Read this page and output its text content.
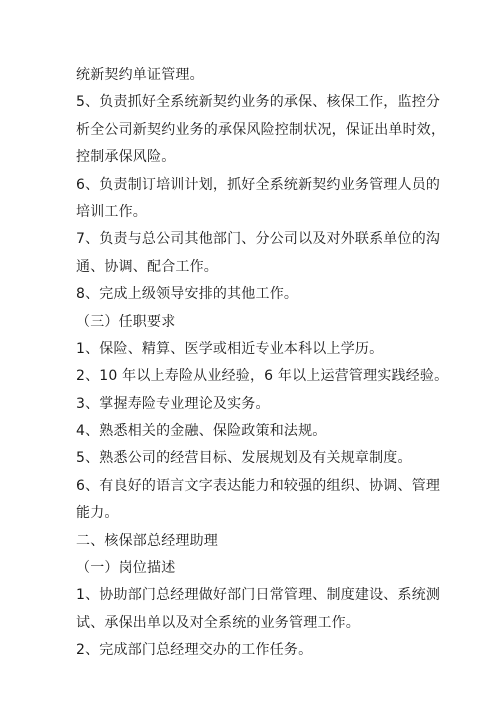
统新契约单证管理。
5、负责抓好全系统新契约业务的承保、核保工作，监控分
析全公司新契约业务的承保风险控制状况，保证出单时效，
控制承保风险。
6、负责制订培训计划，抓好全系统新契约业务管理人员的
培训工作。
7、负责与总公司其他部门、分公司以及对外联系单位的沟
通、协调、配合工作。
8、完成上级领导安排的其他工作。
（三）任职要求
1、保险、精算、医学或相近专业本科以上学历。
2、10 年以上寿险从业经验，6 年以上运营管理实践经验。
3、掌握寿险专业理论及实务。
4、熟悉相关的金融、保险政策和法规。
5、熟悉公司的经营目标、发展规划及有关规章制度。
6、有良好的语言文字表达能力和较强的组织、协调、管理
能力。
二、核保部总经理助理
（一）岗位描述
1、协助部门总经理做好部门日常管理、制度建设、系统测
试、承保出单以及对全系统的业务管理工作。
2、完成部门总经理交办的工作任务。
